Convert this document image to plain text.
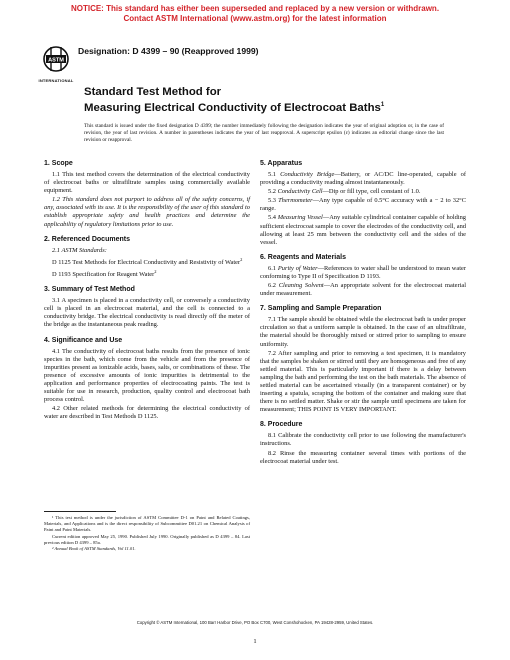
NOTICE: This standard has either been superseded and replaced by a new version or withdrawn.
Contact ASTM International (www.astm.org) for the latest information
ASTM
INTERNATIONAL
Designation: D 4399 – 90 (Reapproved 1999)
Standard Test Method for
Measuring Electrical Conductivity of Electrocoat Baths$^1$
This standard is issued under the fixed designation D 4399; the number immediately following the designation indicates the year of original adoption or, in the case of revision, the year of last revision. A number in parentheses indicates the year of last reapproval. A superscript epsilon (ε) indicates an editorial change since the last revision or reapproval.
1. Scope

1.1 This test method covers the determination of the electrical conductivity of electrocoat baths or ultrafiltrate samples using commercially available equipment.

1.2 This standard does not purport to address all of the safety concerns, if any, associated with its use. It is the responsibility of the user of this standard to establish appropriate safety and health practices and determine the applicability of regulatory limitations prior to use.

2. Referenced Documents

2.1 ASTM Standards:

D 1125 Test Methods for Electrical Conductivity and Resistivity of Water$^2$

D 1193 Specification for Reagent Water$^2$

3. Summary of Test Method

3.1 A specimen is placed in a conductivity cell, or conversely a conductivity cell is placed in an electrocoat material, and the cell is connected to a conductivity bridge. The electrical conductivity is read directly off the meter of the bridge as the instantaneous peak reading.

4. Significance and Use

4.1 The conductivity of electrocoat baths results from the presence of ionic species in the bath, which come from the vehicle and from the presence of impurities present as ionizable acids, bases, salts, or combinations of these. The presence of excessive amounts of ionic impurities is detrimental to the application and performance properties of electrocoating paints. The test is suitable for use in research, production, quality control and electrocoat bath process control.

4.2 Other related methods for determining the electrical conductivity of water are described in Test Methods D 1125.

¹ This test method is under the jurisdiction of ASTM Committee D-1 on Paint and Related Coatings, Materials, and Applications and is the direct responsibility of Subcommittee D01.21 on Chemical Analysis of Paint and Paint Materials.

Current edition approved May 25, 1990. Published July 1990. Originally published as D 4399 – 84. Last previous edition D 4399 – 85a.

² Annual Book of ASTM Standards, Vol 11.01.

5. Apparatus

5.1 Conductivity Bridge—Battery, or AC/DC line-operated, capable of providing a conductivity reading almost instantaneously.

5.2 Conductivity Cell—Dip or fill type, cell constant of 1.0.

5.3 Thermometer—Any type capable of 0.5°C accuracy with a − 2 to 32°C range.

5.4 Measuring Vessel—Any suitable cylindrical container capable of holding sufficient electrocoat sample to cover the electrodes of the conductivity cell, and allowing at least 25 mm between the conductivity cell and the sides of the vessel.

6. Reagents and Materials

6.1 Purity of Water—References to water shall be understood to mean water conforming to Type II of Specification D 1193.

6.2 Cleaning Solvent—An appropriate solvent for the electrocoat material under measurement.

7. Sampling and Sample Preparation

7.1 The sample should be obtained while the electrocoat bath is under proper circulation so that a uniform sample is obtained. In the case of an ultrafiltrate, the material should be thoroughly mixed or stirred prior to sampling to ensure uniformity.

7.2 After sampling and prior to removing a test specimen, it is mandatory that the samples be shaken or stirred until they are homogeneous and free of any settled material. This is particularly important if there is a delay between sampling the bath and performing the test on the bath materials. The absence of settled material can be ascertained visually (in a transparent container) or by inserting a spatula, scraping the bottom of the container and making sure that there is no settled matter. Shake or stir the sample until specimens are taken for measurement; THIS POINT IS VERY IMPORTANT.

8. Procedure

8.1 Calibrate the conductivity cell prior to use following the manufacturer's instructions.

8.2 Rinse the measuring container several times with portions of the electrocoat material under test.

Copyright © ASTM International, 100 Barr Harbor Drive, PO Box C700, West Conshohocken, PA 19428-2959, United States.
1
